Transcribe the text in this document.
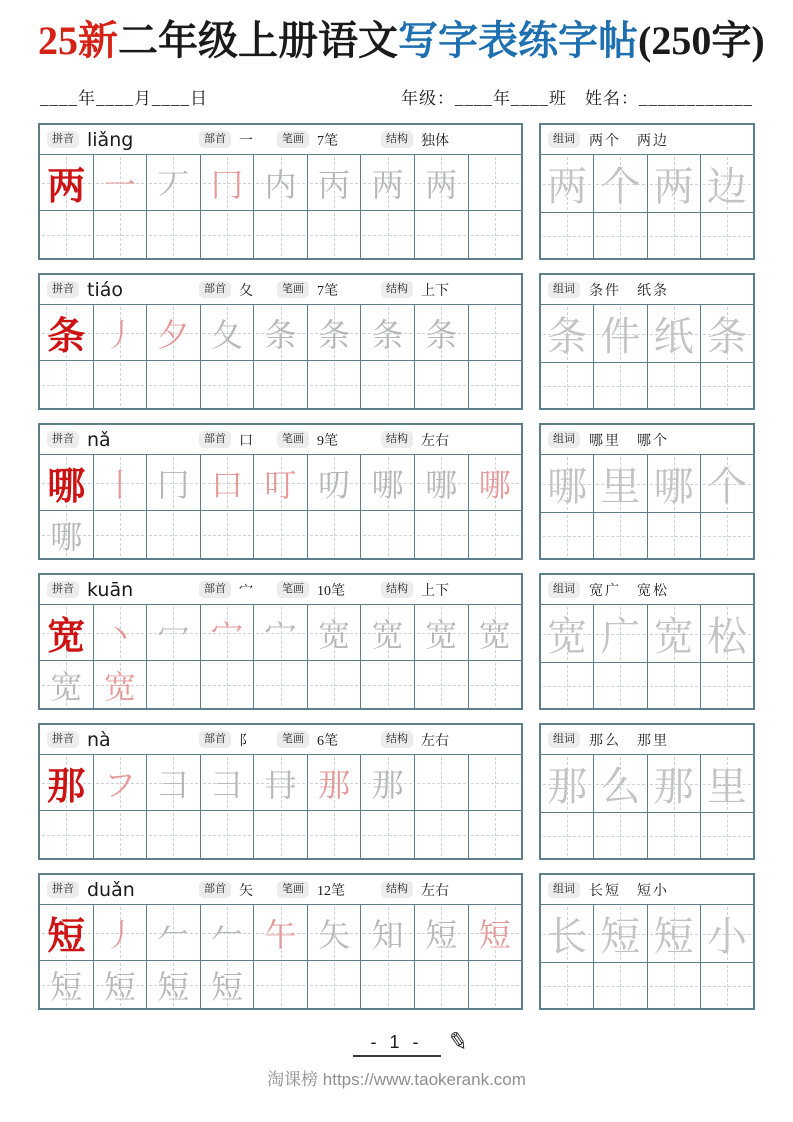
25新二年级上册语文写字表练字帖(250字)
____年____月____日	年级：____年____班 姓名：____________
拼音 liǎng	部首 一	笔画 7笔	结构 独体
两 一 丆 冂 内 丙 两 两
组词	两个　两边
两 个 两 边
拼音 tiáo	部首 夂	笔画 7笔	结构 上下
条 丿 夕 夂 条 条 条 条
组词	条件　纸条
条 件 纸 条
拼音 nǎ	部首 口	笔画 9笔	结构 左右
哪 丨 冂 口 叮 叨 哪 哪 哪
哪
组词	哪里　哪个
哪 里 哪 个
拼音 kuān	部首 宀	笔画 10笔	结构 上下
宽 丶 冖 宀 宀 宽 宽 宽 宽
宽 宽
组词	宽广　宽松
宽 广 宽 松
拼音 nà	部首 阝	笔画 6笔	结构 左右
那 フ 彐 彐 冄 那 那
组词	那么　那里
那 么 那 里
拼音 duǎn	部首 矢	笔画 12笔	结构 左右
短 丿 𠂉 𠂉 午 矢 知 短 短
短 短 短 短
组词	长短　短小
长 短 短 小
- 1 - ✎
淘课榜 https://www.taokerank.com
